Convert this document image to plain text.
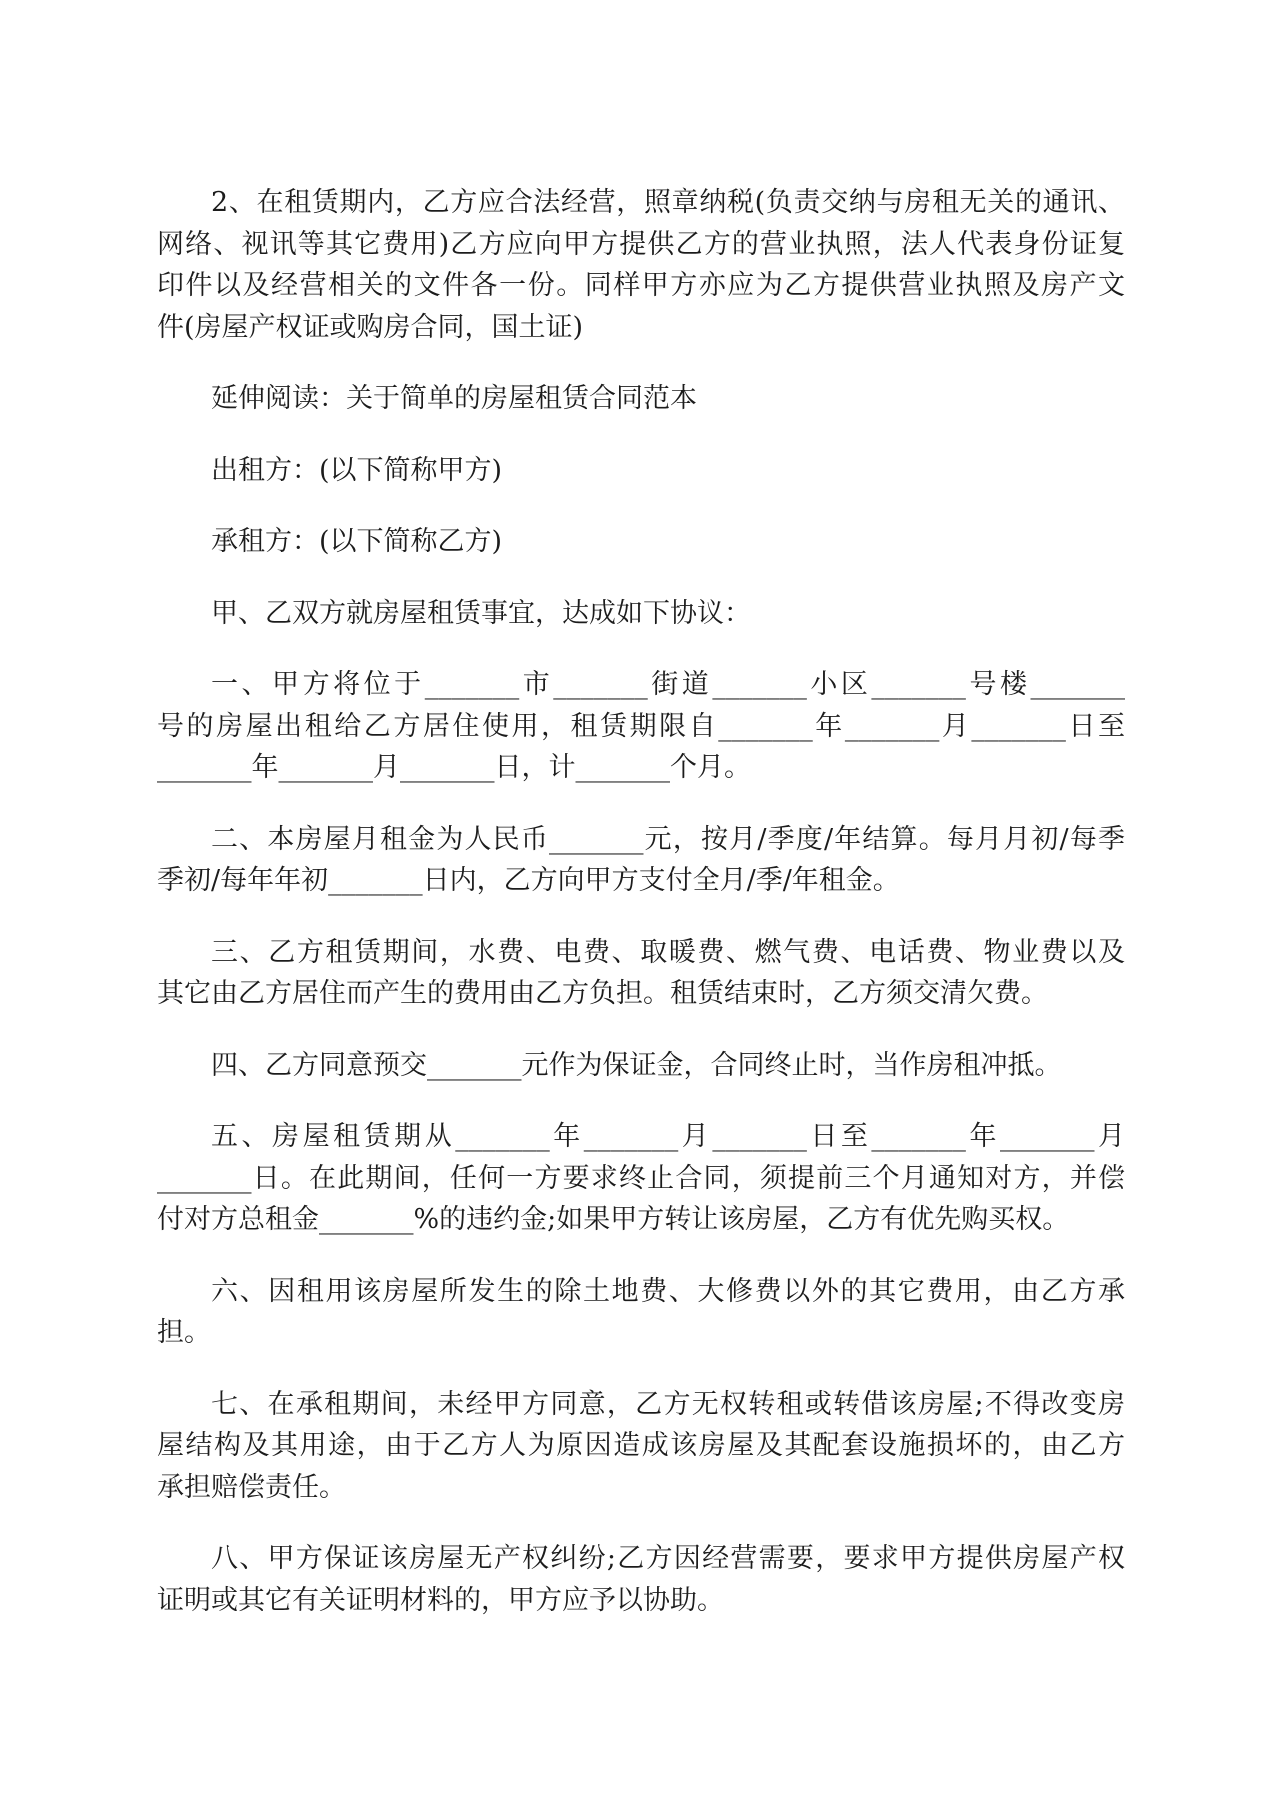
2、在租赁期内，乙方应合法经营，照章纳税(负责交纳与房租无关的通讯、
网络、视讯等其它费用)乙方应向甲方提供乙方的营业执照，法人代表身份证复
印件以及经营相关的文件各一份。同样甲方亦应为乙方提供营业执照及房产文
件(房屋产权证或购房合同，国土证)
延伸阅读：关于简单的房屋租赁合同范本
出租方：(以下简称甲方)
承租方：(以下简称乙方)
甲、乙双方就房屋租赁事宜，达成如下协议：
一、甲方将位于_______市_______街道_______小区_______号楼_______
号的房屋出租给乙方居住使用，租赁期限自_______年_______月_______日至
_______年_______月_______日，计_______个月。
二、本房屋月租金为人民币_______元，按月/季度/年结算。每月月初/每季
季初/每年年初_______日内，乙方向甲方支付全月/季/年租金。
三、乙方租赁期间，水费、电费、取暖费、燃气费、电话费、物业费以及
其它由乙方居住而产生的费用由乙方负担。租赁结束时，乙方须交清欠费。
四、乙方同意预交_______元作为保证金，合同终止时，当作房租冲抵。
五、房屋租赁期从_______年_______月_______日至_______年_______月
_______日。在此期间，任何一方要求终止合同，须提前三个月通知对方，并偿
付对方总租金_______%的违约金;如果甲方转让该房屋，乙方有优先购买权。
六、因租用该房屋所发生的除土地费、大修费以外的其它费用，由乙方承
担。
七、在承租期间，未经甲方同意，乙方无权转租或转借该房屋;不得改变房
屋结构及其用途，由于乙方人为原因造成该房屋及其配套设施损坏的，由乙方
承担赔偿责任。
八、甲方保证该房屋无产权纠纷;乙方因经营需要，要求甲方提供房屋产权
证明或其它有关证明材料的，甲方应予以协助。
